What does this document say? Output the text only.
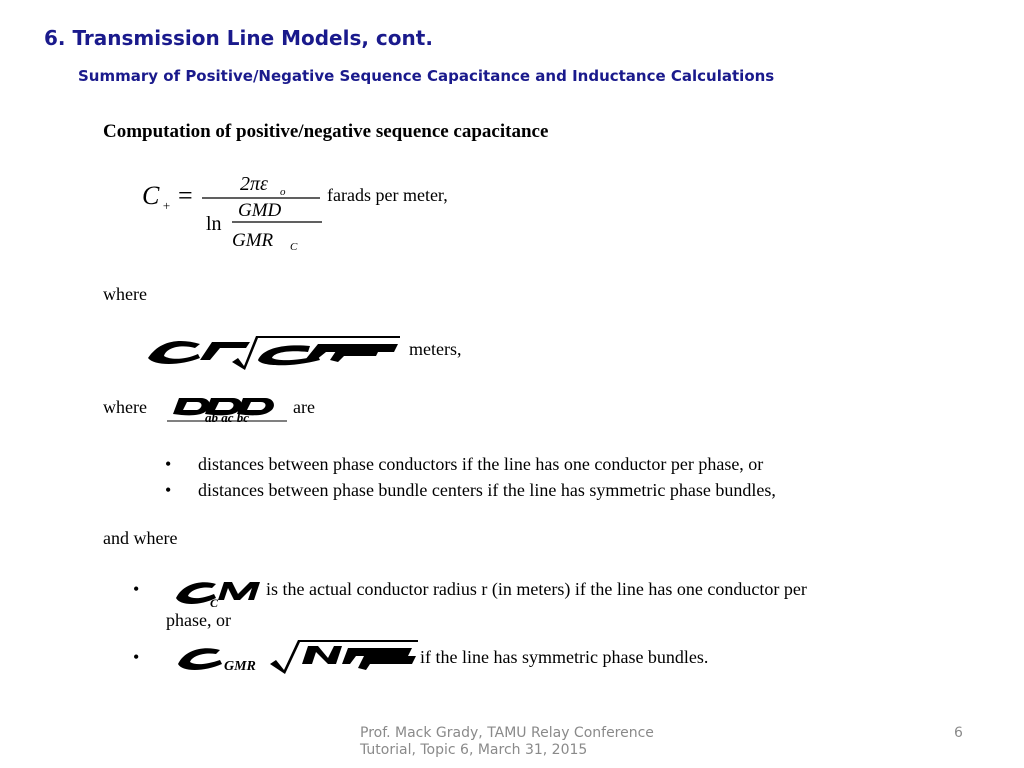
6. Transmission Line Models, cont.
Summary of Positive/Negative Sequence Capacitance and Inductance Calculations
Computation of positive/negative sequence capacitance
C + = 2πε o
ln
GMD
GMR C
farads per meter,
where
meters,
where
ab ac bc
are
• distances between phase conductors if the line has one conductor per phase, or
• distances between phase bundle centers if the line has symmetric phase bundles,
and where
•
C
is the actual conductor radius r (in meters) if the line has one conductor per
phase, or
•	GMR	if the line has symmetric phase bundles.
Prof. Mack Grady, TAMU Relay Conference Tutorial, Topic 6, March 31, 2015
6
